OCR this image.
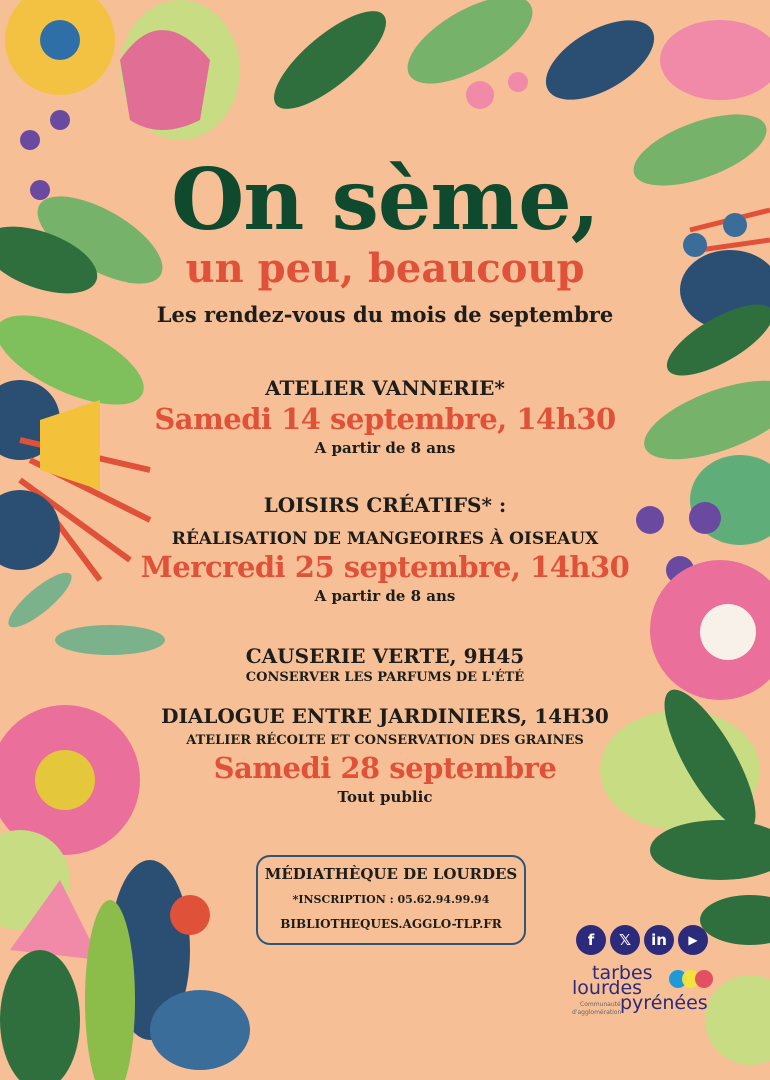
On sème,
un peu, beaucoup
Les rendez-vous du mois de septembre
ATELIER VANNERIE*
Samedi 14 septembre, 14h30
A partir de 8 ans
LOISIRS CRÉATIFS* :
RÉALISATION DE MANGEOIRES À OISEAUX
Mercredi 25 septembre, 14h30
A partir de 8 ans
CAUSERIE VERTE, 9H45
CONSERVER LES PARFUMS DE L'ÉTÉ
DIALOGUE ENTRE JARDINIERS, 14H30
ATELIER RÉCOLTE ET CONSERVATION DES GRAINES
Samedi 28 septembre
Tout public
MÉDIATHÈQUE DE LOURDES
*INSCRIPTION : 05.62.94.99.94
BIBLIOTHEQUES.AGGLO-TLP.FR
f	𝕏	in	▶
tarbes
lourdes
pyrénées
Communauté
d'agglomération
